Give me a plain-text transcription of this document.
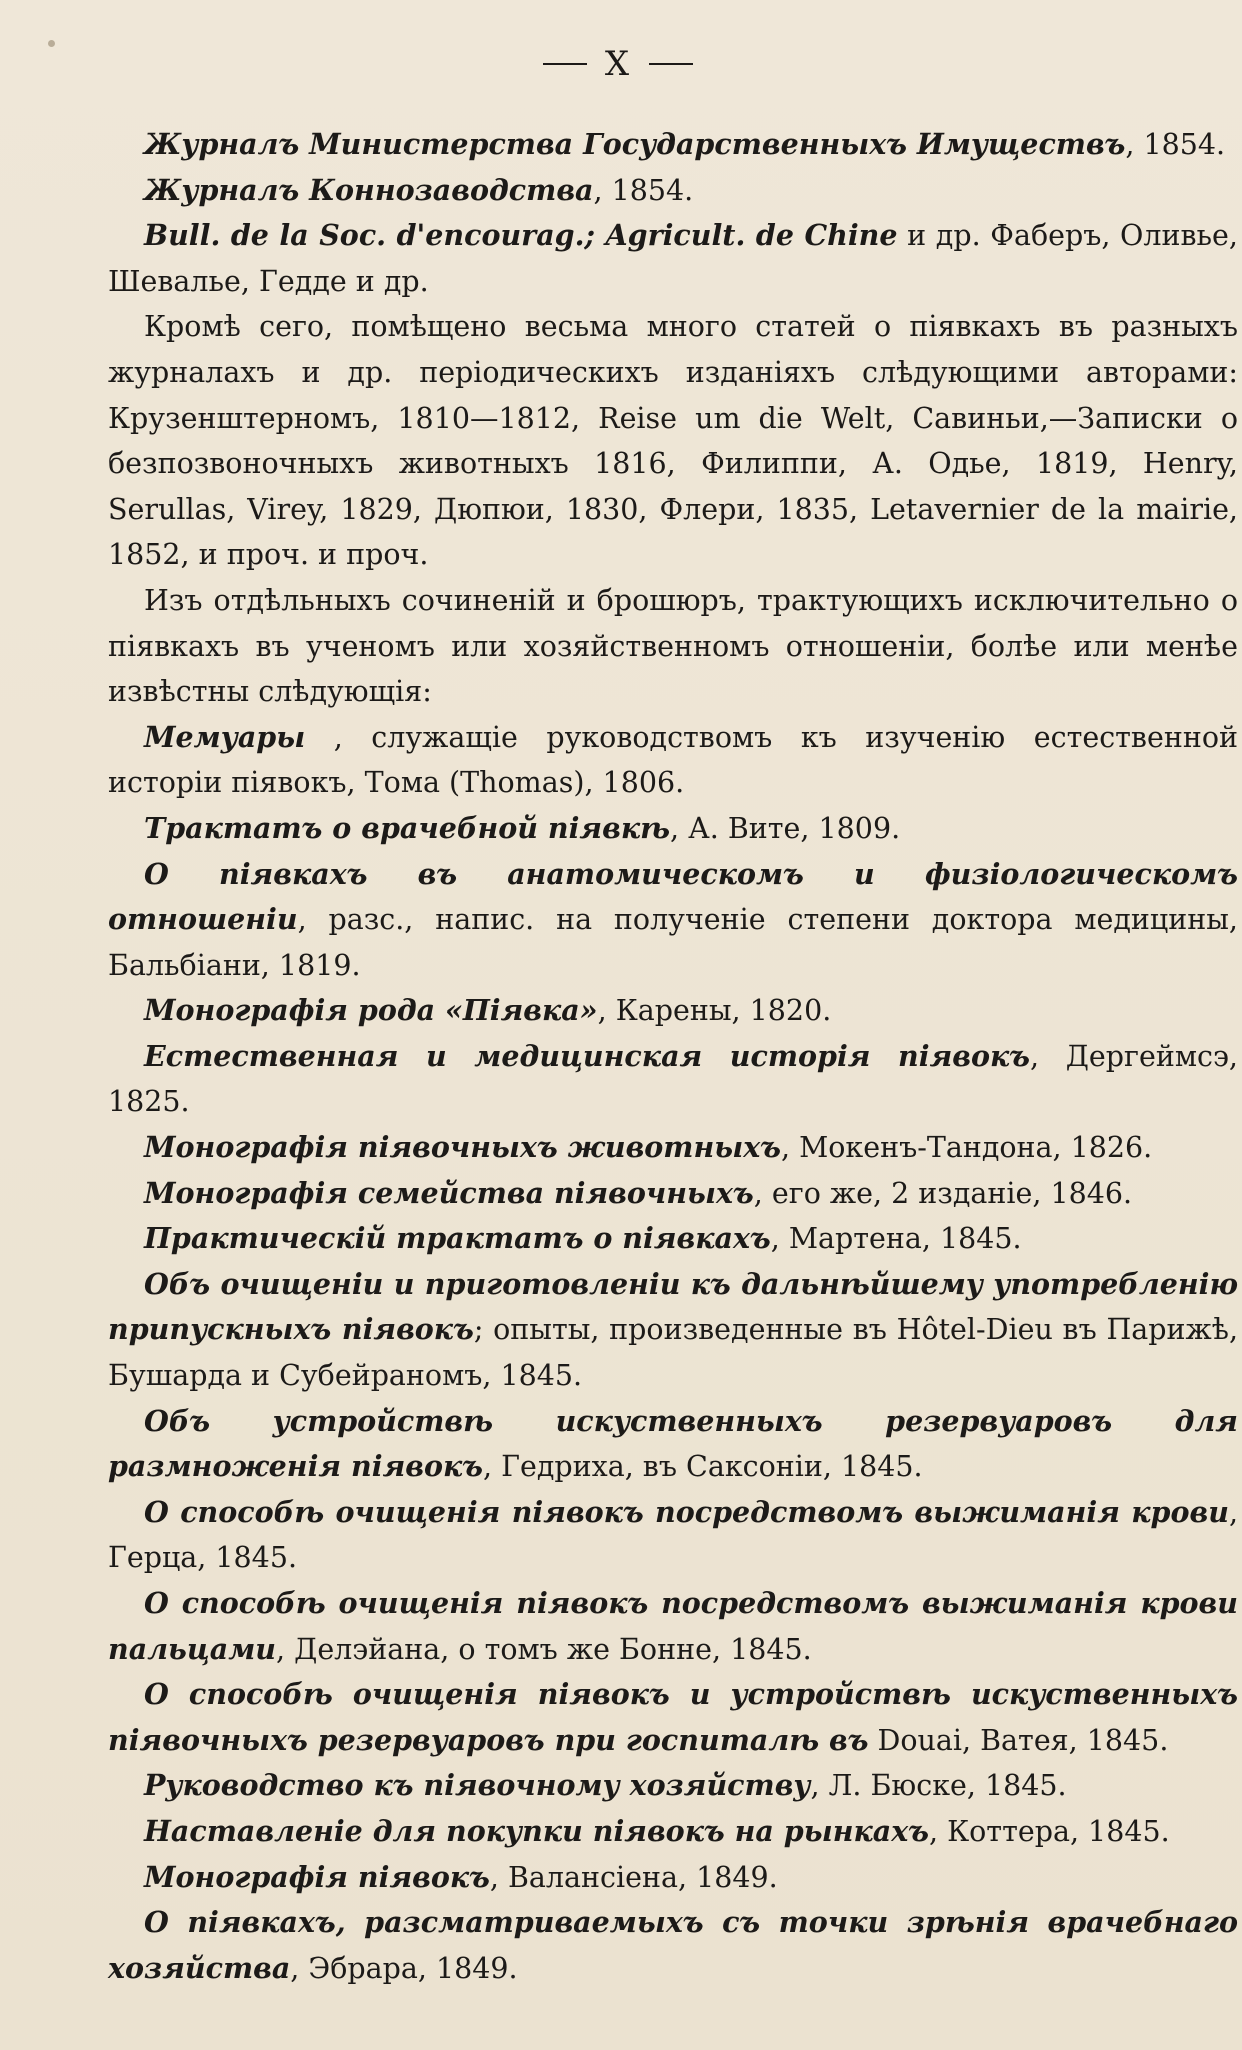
X

Журналъ Министерства Государственныхъ Имуществъ, 1854.

Журналъ Коннозаводства, 1854.

Bull. de la Soc. d'encourag.; Agricult. de Chine и др. Фаберъ, Оливье, Шевалье, Гедде и др.

Кромѣ сего, помѣщено весьма много статей о піявкахъ въ разныхъ журналахъ и др. періодическихъ изданіяхъ слѣдующими авторами: Крузенштерномъ, 1810—1812, Reise um die Welt, Савиньи,—Записки о безпозвоночныхъ животныхъ 1816, Филиппи, А. Одье, 1819, Henry, Serullas, Virey, 1829, Дюпюи, 1830, Флери, 1835, Letavernier de la mairie, 1852, и проч. и проч.

Изъ отдѣльныхъ сочиненій и брошюръ, трактующихъ исключительно о піявкахъ въ ученомъ или хозяйственномъ отношеніи, болѣе или менѣе извѣстны слѣдующія:

Мемуары , служащіе руководствомъ къ изученію естественной исторіи піявокъ, Тома (Thomas), 1806.

Трактатъ о врачебной піявкѣ, А. Вите, 1809.

О піявкахъ въ анатомическомъ и физіологическомъ отношеніи, разс., напис. на полученіе степени доктора медицины, Бальбіани, 1819.

Монографія рода «Піявка», Карены, 1820.

Естественная и медицинская исторія піявокъ, Дергеймсэ, 1825.

Монографія піявочныхъ животныхъ, Мокенъ-Тандона, 1826.

Монографія семейства піявочныхъ, его же, 2 изданіе, 1846.

Практическій трактатъ о піявкахъ, Мартена, 1845.

Объ очищеніи и приготовленіи къ дальнѣйшему употребленію припускныхъ піявокъ; опыты, произведенные въ Hôtel-Dieu въ Парижѣ, Бушарда и Субейраномъ, 1845.

Объ устройствѣ искуственныхъ резервуаровъ для размноженія піявокъ, Гедриха, въ Саксоніи, 1845.

О способѣ очищенія піявокъ посредствомъ выжиманія крови, Герца, 1845.

О способѣ очищенія піявокъ посредствомъ выжиманія крови пальцами, Делэйана, о томъ же Бонне, 1845.

О способѣ очищенія піявокъ и устройствѣ искуственныхъ піявочныхъ резервуаровъ при госпиталѣ въ Douai, Ватея, 1845.

Руководство къ піявочному хозяйству, Л. Бюске, 1845.

Наставленіе для покупки піявокъ на рынкахъ, Коттера, 1845.

Монографія піявокъ, Валансіена, 1849.

О піявкахъ, разсматриваемыхъ съ точки зрѣнія врачебнаго хозяйства, Эбрара, 1849.
